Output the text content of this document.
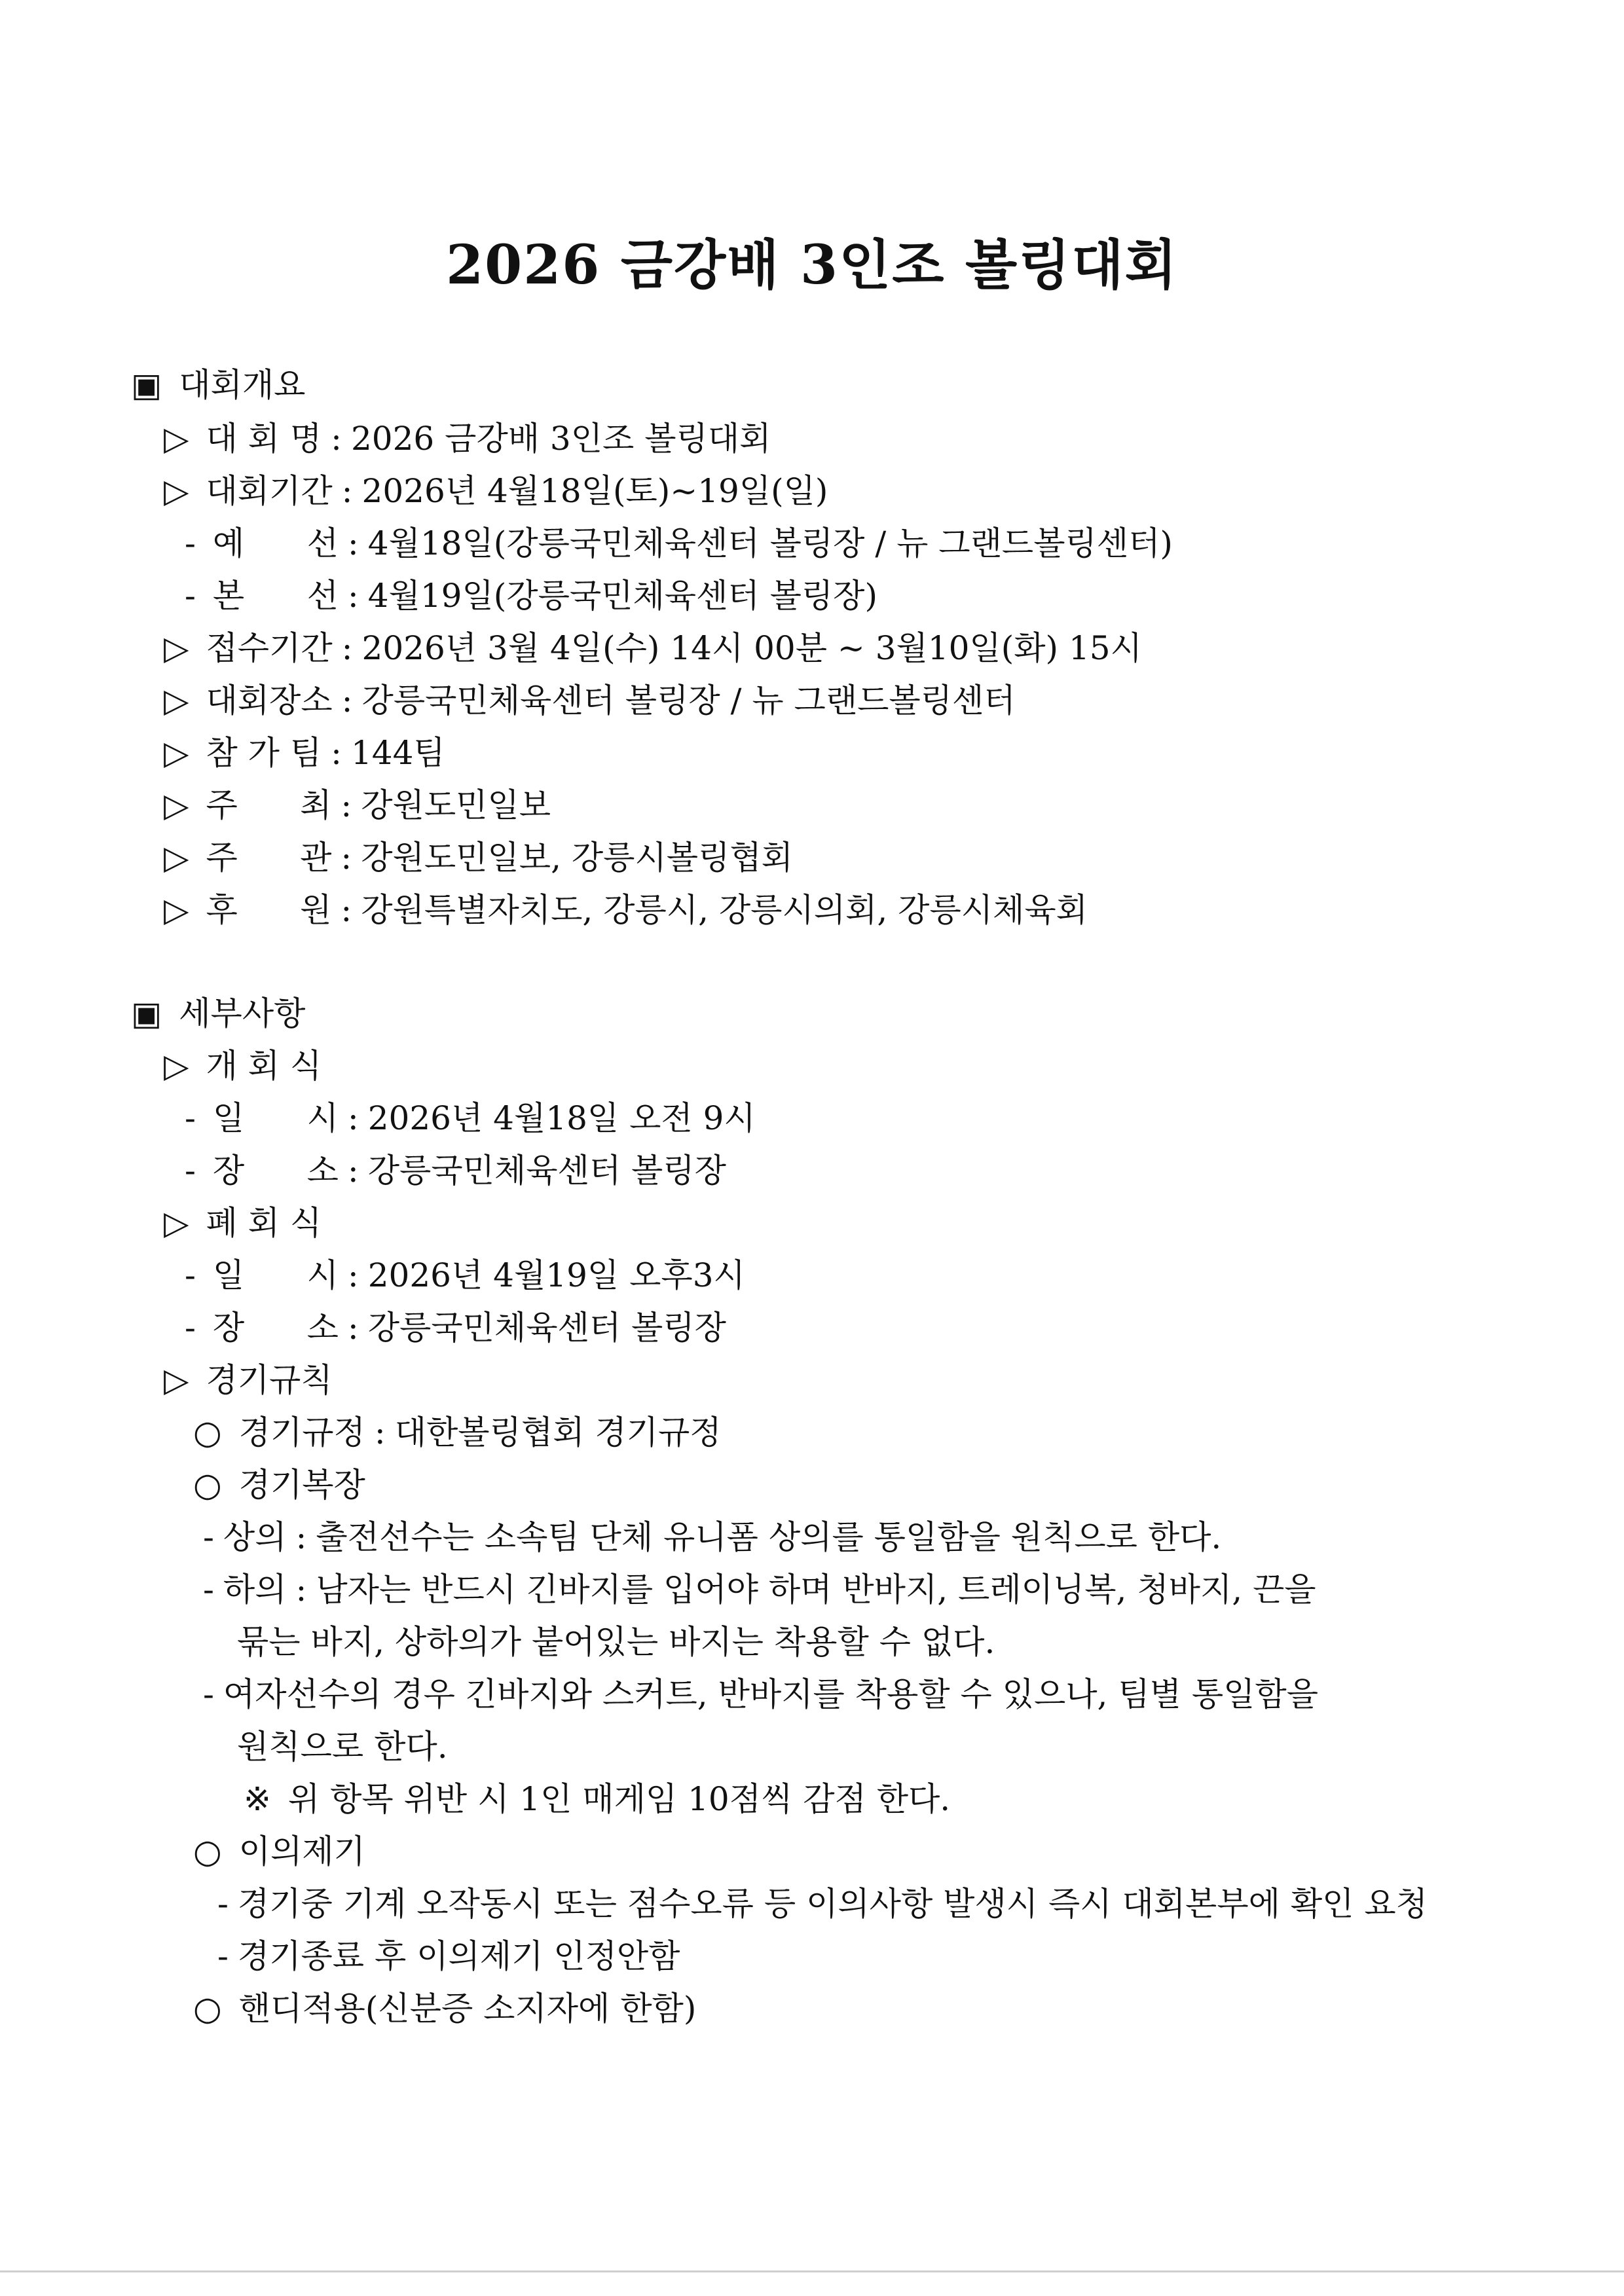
2026 금강배 3인조 볼링대회
▣ 대회개요
▷ 대 회 명 : 2026 금강배 3인조 볼링대회
▷ 대회기간 : 2026년 4월18일(토)~19일(일)
- 예      선 : 4월18일(강릉국민체육센터 볼링장 / 뉴 그랜드볼링센터)
- 본      선 : 4월19일(강릉국민체육센터 볼링장)
▷ 접수기간 : 2026년 3월 4일(수) 14시 00분 ~ 3월10일(화) 15시
▷ 대회장소 : 강릉국민체육센터 볼링장 / 뉴 그랜드볼링센터
▷ 참 가 팀 : 144팀
▷ 주      최 : 강원도민일보
▷ 주      관 : 강원도민일보, 강릉시볼링협회
▷ 후      원 : 강원특별자치도, 강릉시, 강릉시의회, 강릉시체육회
▣ 세부사항
▷ 개 회 식
- 일      시 : 2026년 4월18일 오전 9시
- 장      소 : 강릉국민체육센터 볼링장
▷ 폐 회 식
- 일      시 : 2026년 4월19일 오후3시
- 장      소 : 강릉국민체육센터 볼링장
▷ 경기규칙
○ 경기규정 : 대한볼링협회 경기규정
○ 경기복장
- 상의 : 출전선수는 소속팀 단체 유니폼 상의를 통일함을 원칙으로 한다.
- 하의 : 남자는 반드시 긴바지를 입어야 하며 반바지, 트레이닝복, 청바지, 끈을
묶는 바지, 상하의가 붙어있는 바지는 착용할 수 없다.
- 여자선수의 경우 긴바지와 스커트, 반바지를 착용할 수 있으나, 팀별 통일함을
원칙으로 한다.
※ 위 항목 위반 시 1인 매게임 10점씩 감점 한다.
○ 이의제기
- 경기중 기계 오작동시 또는 점수오류 등 이의사항 발생시 즉시 대회본부에 확인 요청
- 경기종료 후 이의제기 인정안함
○ 핸디적용(신분증 소지자에 한함)
